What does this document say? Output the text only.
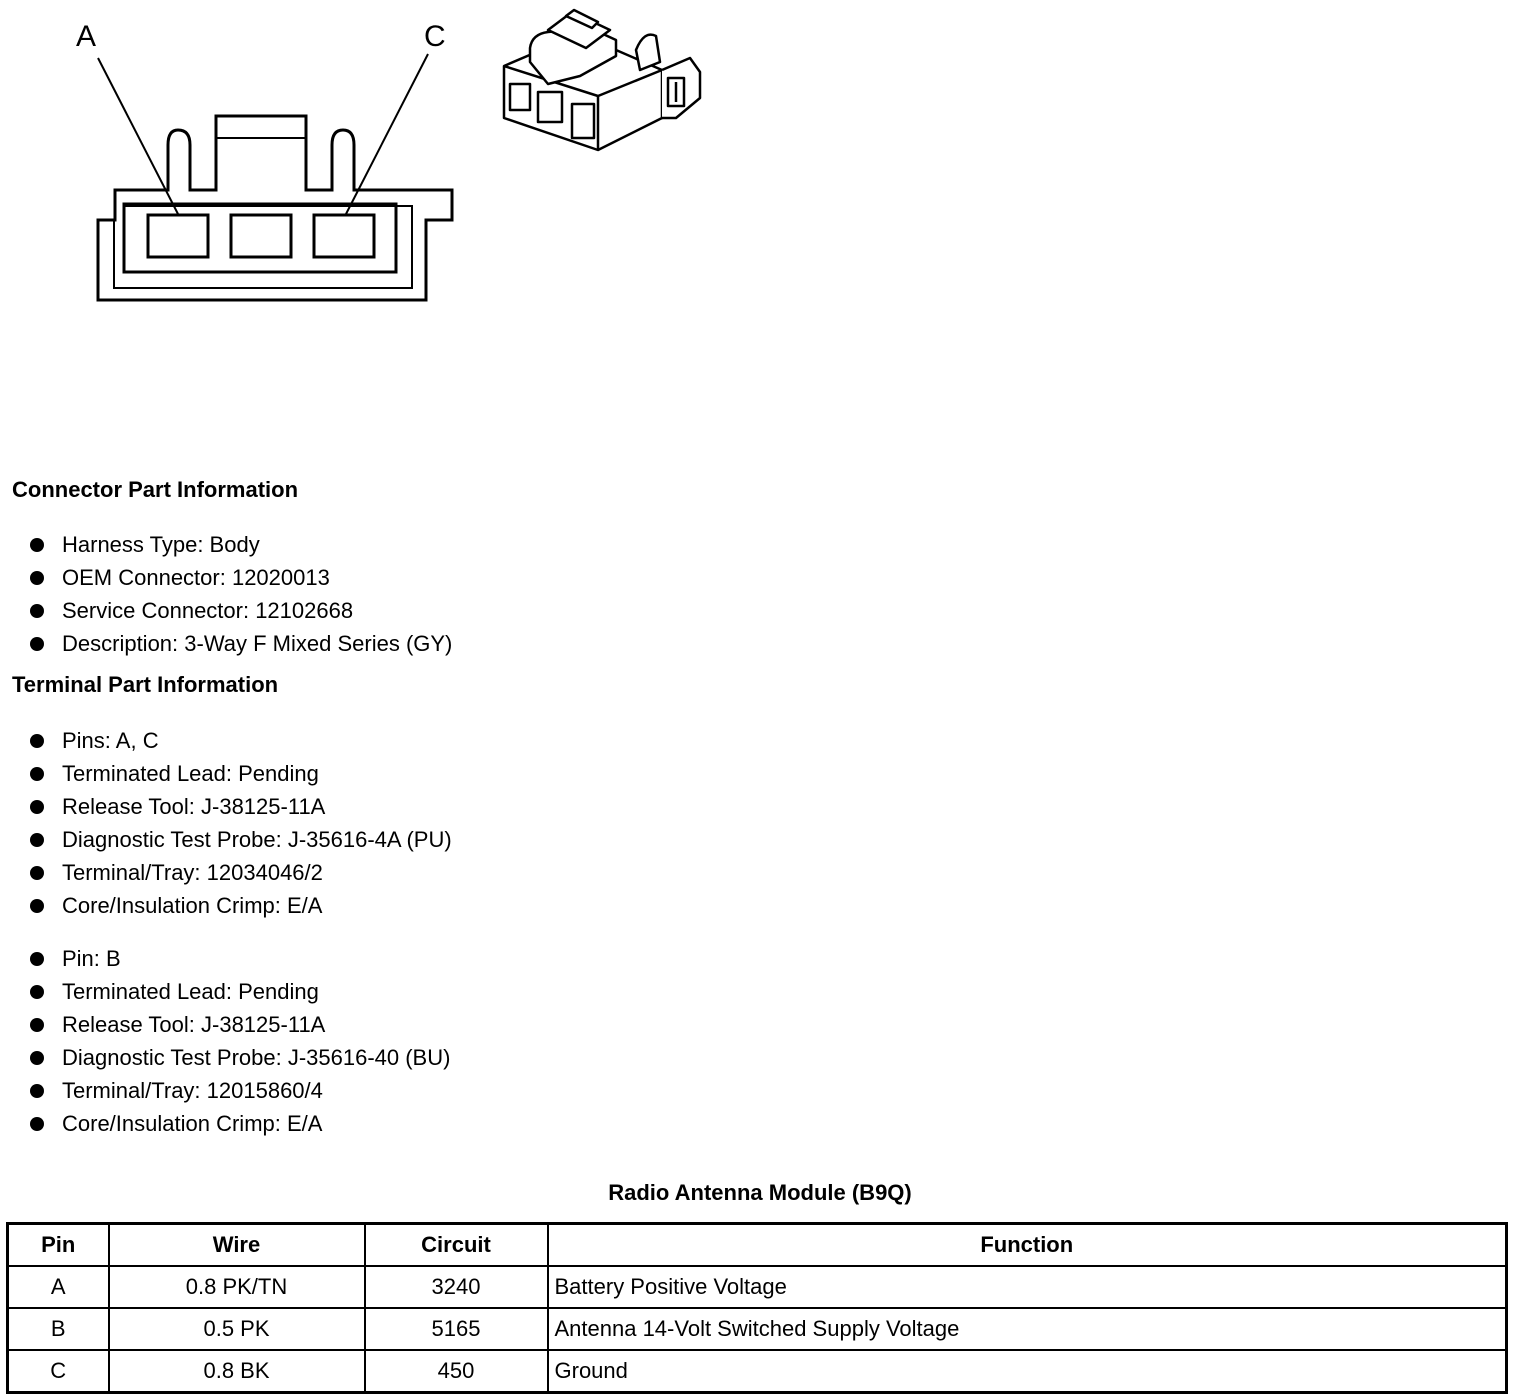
A	C
Connector Part Information
Harness Type: Body
OEM Connector: 12020013
Service Connector: 12102668
Description: 3-Way F Mixed Series (GY)
Terminal Part Information
Pins: A, C
Terminated Lead: Pending
Release Tool: J-38125-11A
Diagnostic Test Probe: J-35616-4A (PU)
Terminal/Tray: 12034046/2
Core/Insulation Crimp: E/A
Pin: B
Terminated Lead: Pending
Release Tool: J-38125-11A
Diagnostic Test Probe: J-35616-40 (BU)
Terminal/Tray: 12015860/4
Core/Insulation Crimp: E/A
Radio Antenna Module (B9Q)
Pin	Wire	Circuit	Function
A	0.8 PK/TN	3240	Battery Positive Voltage
B	0.5 PK	5165	Antenna 14-Volt Switched Supply Voltage
C	0.8 BK	450	Ground
